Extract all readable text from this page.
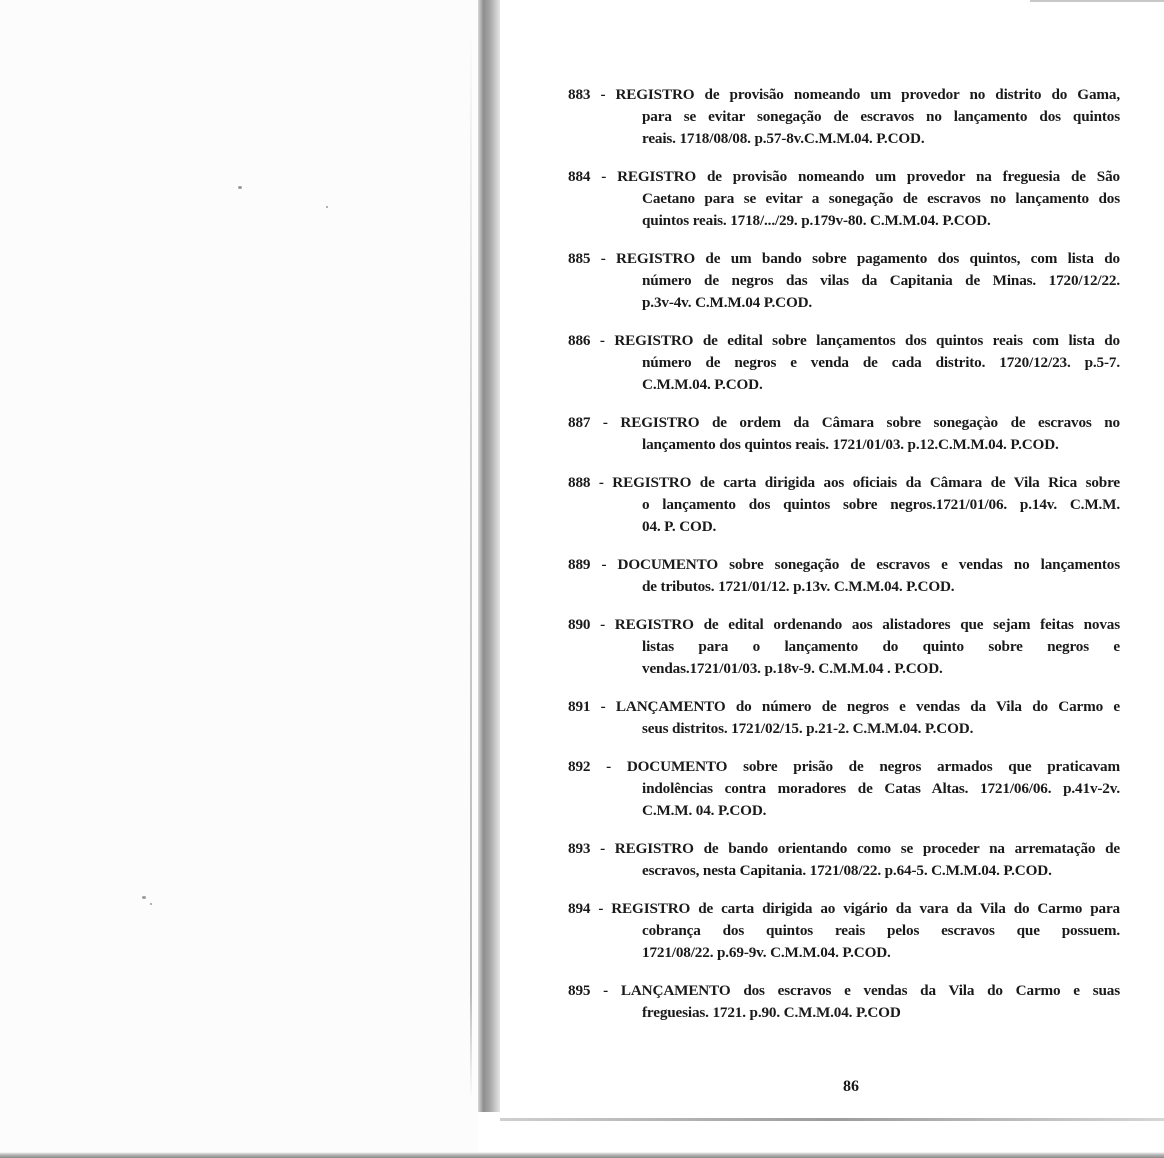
883 - REGISTRO de provisão nomeando um provedor no distrito do Gama,
para se evitar sonegação de escravos no lançamento dos quintos
reais. 1718/08/08. p.57-8v.C.M.M.04. P.COD.
884 - REGISTRO de provisão nomeando um provedor na freguesia de São
Caetano para se evitar a sonegação de escravos no lançamento dos
quintos reais. 1718/.../29. p.179v-80. C.M.M.04. P.COD.
885 - REGISTRO de um bando sobre pagamento dos quintos, com lista do
número de negros das vilas da Capitania de Minas. 1720/12/22.
p.3v-4v. C.M.M.04 P.COD.
886 - REGISTRO de edital sobre lançamentos dos quintos reais com lista do
número de negros e venda de cada distrito. 1720/12/23. p.5-7.
C.M.M.04. P.COD.
887 - REGISTRO de ordem da Câmara sobre sonegaçào de escravos no
lançamento dos quintos reais. 1721/01/03. p.12.C.M.M.04. P.COD.
888 - REGISTRO de carta dirigida aos oficiais da Câmara de Vila Rica sobre
o lançamento dos quintos sobre negros.1721/01/06. p.14v. C.M.M.
04. P. COD.
889 - DOCUMENTO sobre sonegação de escravos e vendas no lançamentos
de tributos. 1721/01/12. p.13v. C.M.M.04. P.COD.
890 - REGISTRO de edital ordenando aos alistadores que sejam feitas novas
listas para o lançamento do quinto sobre negros e
vendas.1721/01/03. p.18v-9. C.M.M.04 . P.COD.
891 - LANÇAMENTO do número de negros e vendas da Vila do Carmo e
seus distritos. 1721/02/15. p.21-2. C.M.M.04. P.COD.
892 - DOCUMENTO sobre prisão de negros armados que praticavam
indolências contra moradores de Catas Altas. 1721/06/06. p.41v-2v.
C.M.M. 04. P.COD.
893 - REGISTRO de bando orientando como se proceder na arrematação de
escravos, nesta Capitania. 1721/08/22. p.64-5. C.M.M.04. P.COD.
894 - REGISTRO de carta dirigida ao vigário da vara da Vila do Carmo para
cobrança dos quintos reais pelos escravos que possuem.
1721/08/22. p.69-9v. C.M.M.04. P.COD.
895 - LANÇAMENTO dos escravos e vendas da Vila do Carmo e suas
freguesias. 1721. p.90. C.M.M.04. P.COD
86
